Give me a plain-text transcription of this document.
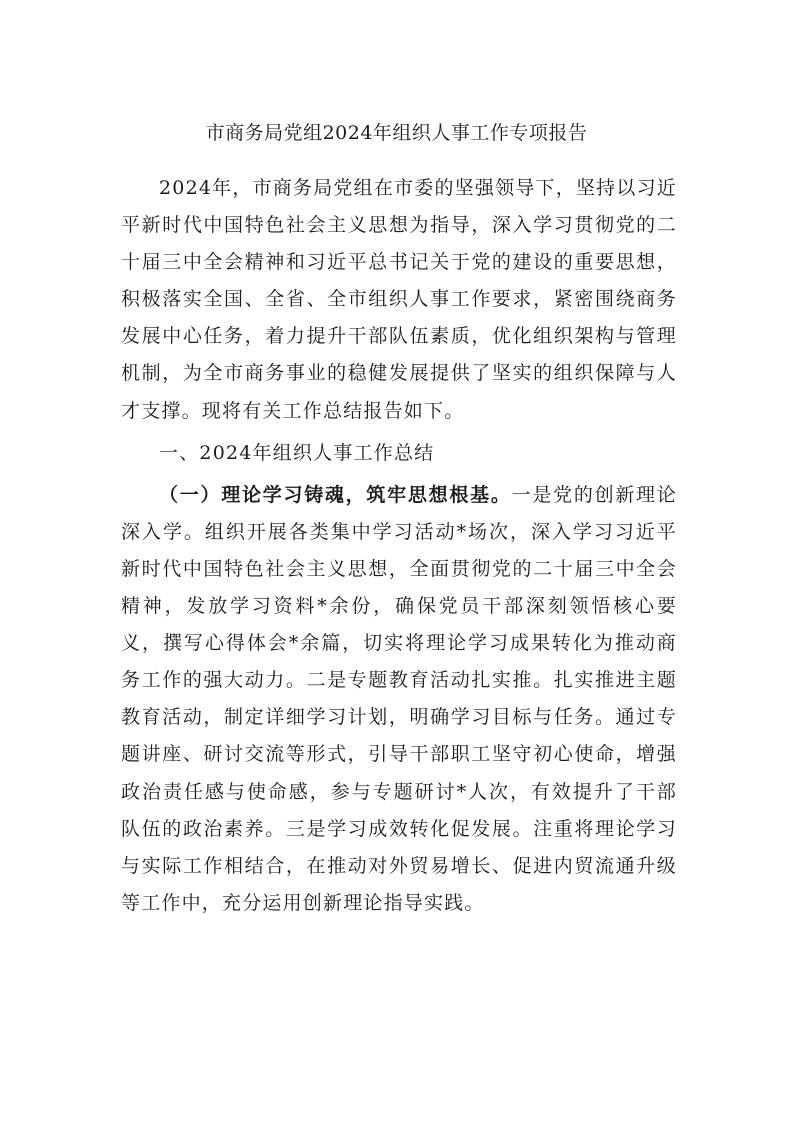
市商务局党组2024年组织人事工作专项报告

2024年，市商务局党组在市委的坚强领导下，坚持以习近平新时代中国特色社会主义思想为指导，深入学习贯彻党的二十届三中全会精神和习近平总书记关于党的建设的重要思想，积极落实全国、全省、全市组织人事工作要求，紧密围绕商务发展中心任务，着力提升干部队伍素质，优化组织架构与管理机制，为全市商务事业的稳健发展提供了坚实的组织保障与人才支撑。现将有关工作总结报告如下。

一、2024年组织人事工作总结

（一）理论学习铸魂，筑牢思想根基。一是党的创新理论深入学。组织开展各类集中学习活动*场次，深入学习习近平新时代中国特色社会主义思想，全面贯彻党的二十届三中全会精神，发放学习资料*余份，确保党员干部深刻领悟核心要义，撰写心得体会*余篇，切实将理论学习成果转化为推动商务工作的强大动力。二是专题教育活动扎实推。扎实推进主题教育活动，制定详细学习计划，明确学习目标与任务。通过专题讲座、研讨交流等形式，引导干部职工坚守初心使命，增强政治责任感与使命感，参与专题研讨*人次，有效提升了干部队伍的政治素养。三是学习成效转化促发展。注重将理论学习与实际工作相结合，在推动对外贸易增长、促进内贸流通升级等工作中，充分运用创新理论指导实践。
